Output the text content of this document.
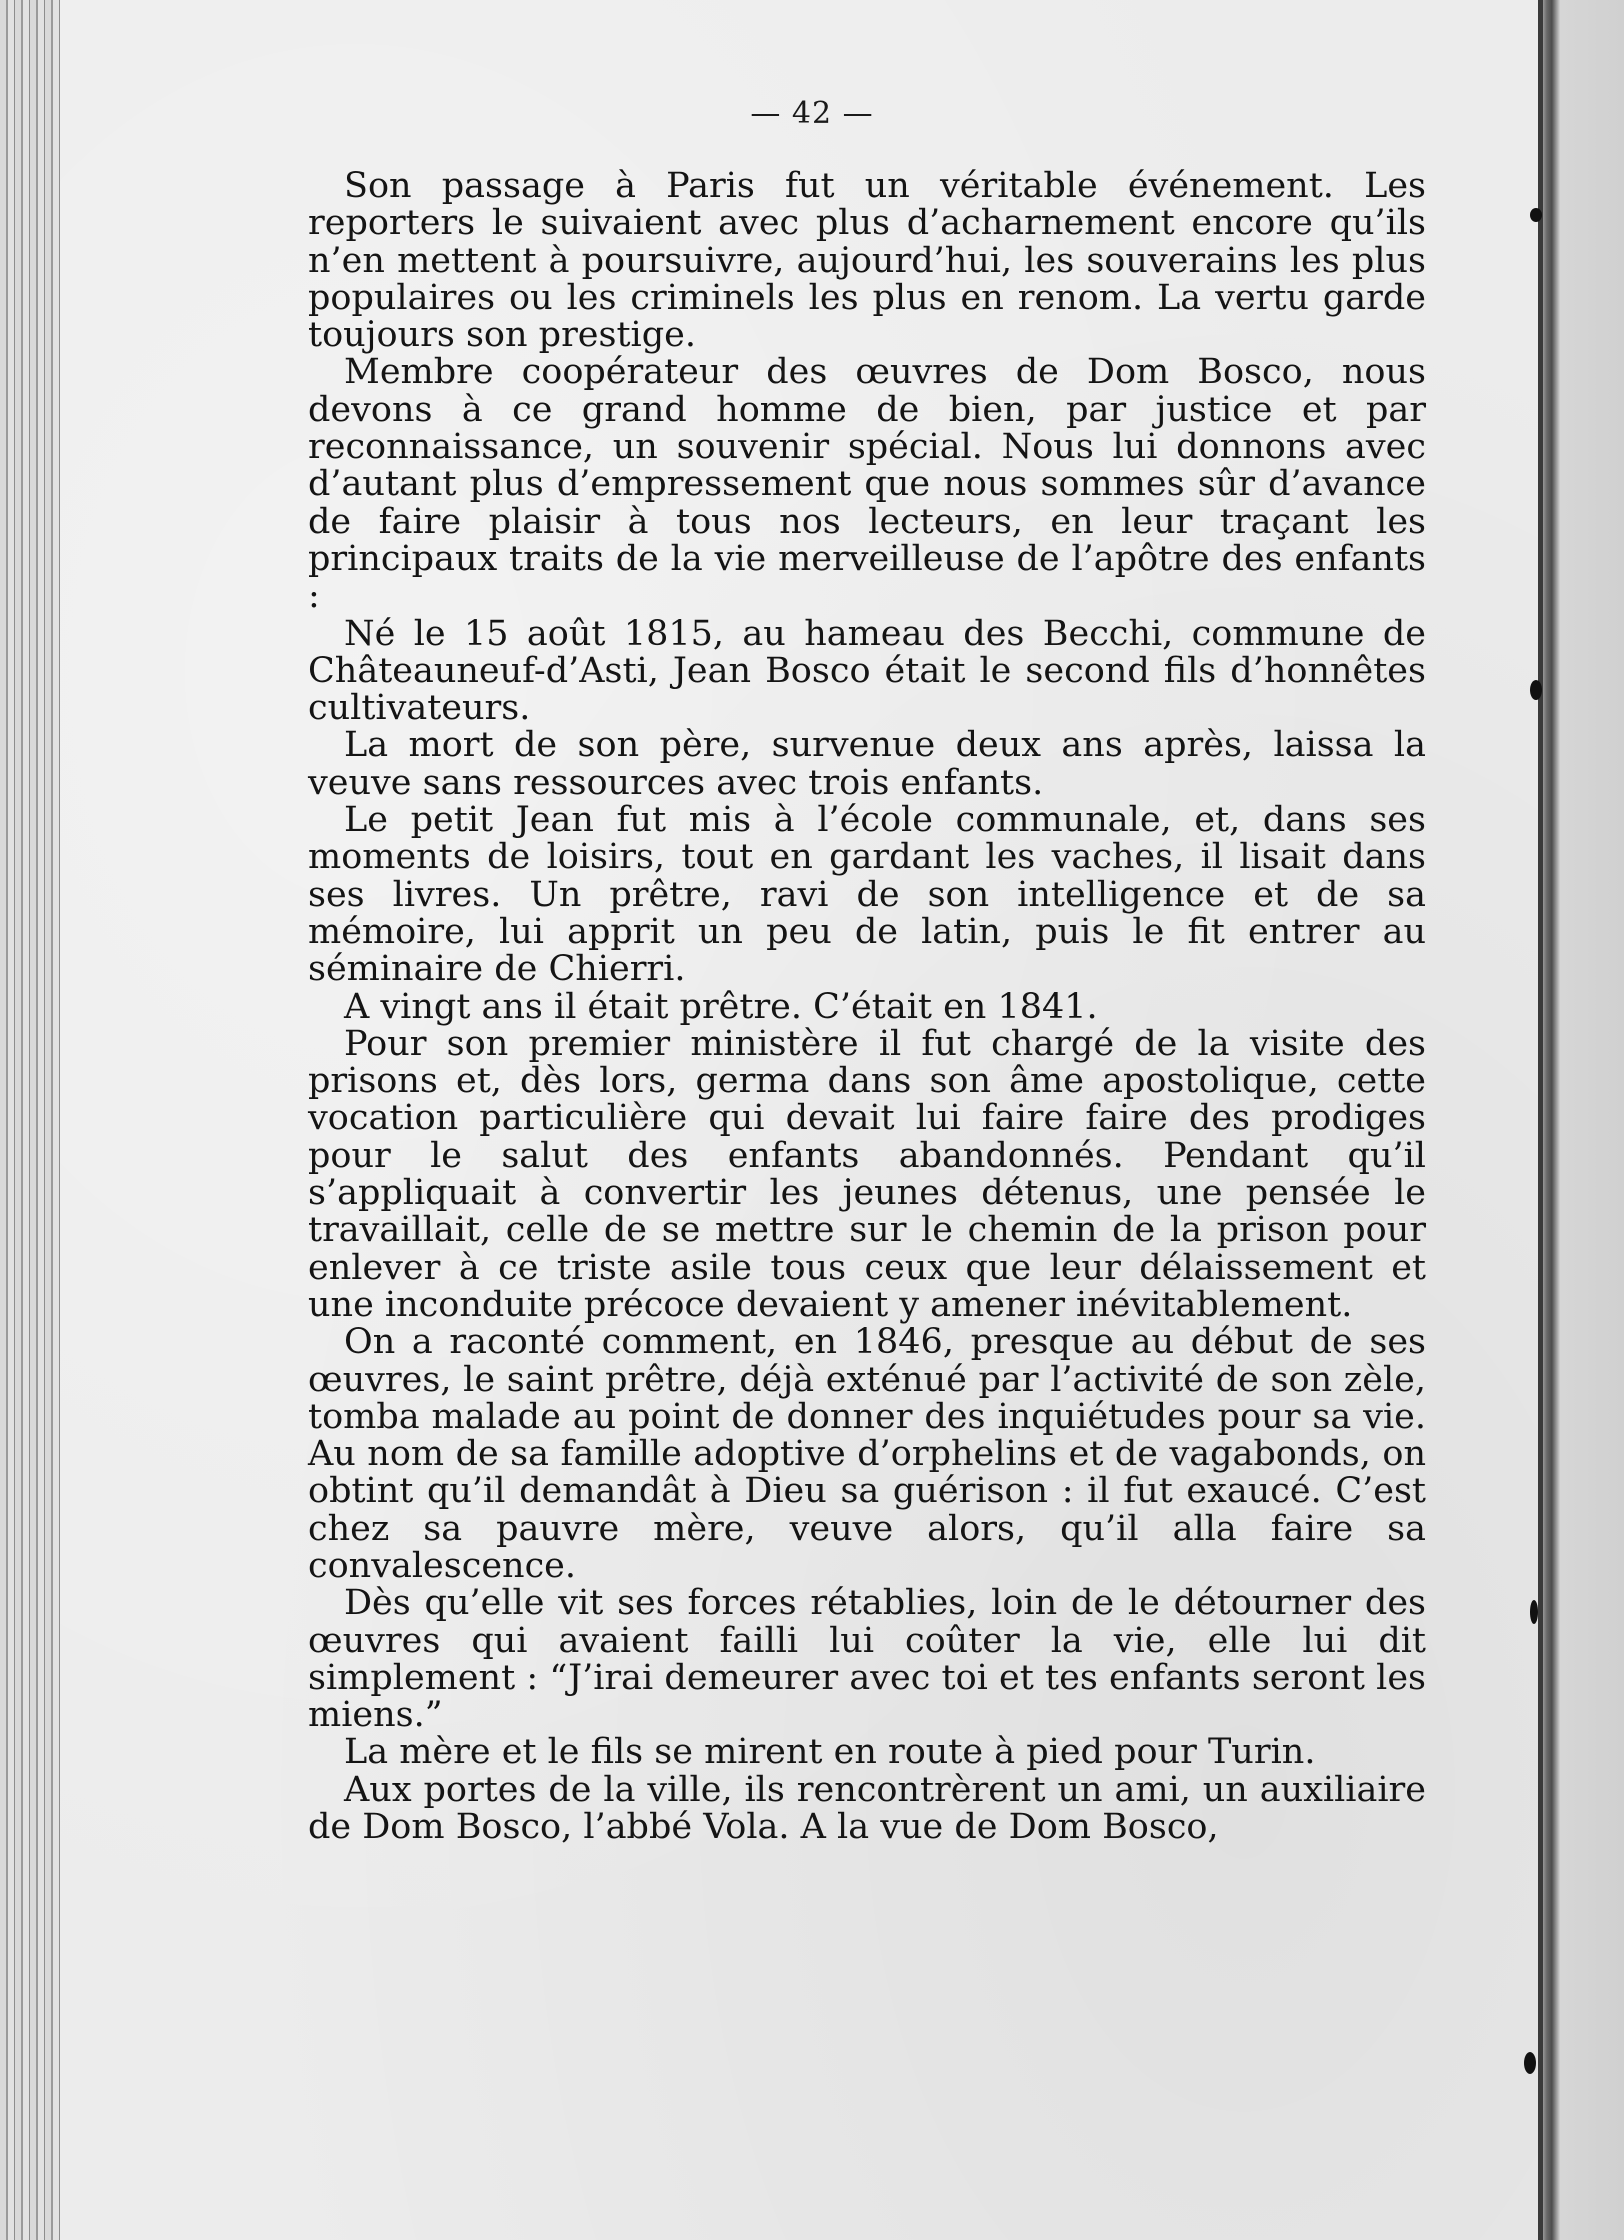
— 42 —

Son passage à Paris fut un véritable événement. Les reporters le suivaient avec plus d’acharnement encore qu’ils n’en mettent à poursuivre, aujourd’hui, les souverains les plus populaires ou les criminels les plus en renom. La vertu garde toujours son prestige.

Membre coopérateur des œuvres de Dom Bosco, nous devons à ce grand homme de bien, par justice et par reconnaissance, un souvenir spécial. Nous lui donnons avec d’autant plus d’empressement que nous sommes sûr d’avance de faire plaisir à tous nos lecteurs, en leur traçant les principaux traits de la vie merveilleuse de l’apôtre des enfants :

Né le 15 août 1815, au hameau des Becchi, commune de Châteauneuf-d’Asti, Jean Bosco était le second fils d’honnêtes cultivateurs.

La mort de son père, survenue deux ans après, laissa la veuve sans ressources avec trois enfants.

Le petit Jean fut mis à l’école communale, et, dans ses moments de loisirs, tout en gardant les vaches, il lisait dans ses livres. Un prêtre, ravi de son intelligence et de sa mémoire, lui apprit un peu de latin, puis le fit entrer au séminaire de Chierri.

A vingt ans il était prêtre. C’était en 1841.

Pour son premier ministère il fut chargé de la visite des prisons et, dès lors, germa dans son âme apostolique, cette vocation particulière qui devait lui faire faire des prodiges pour le salut des enfants abandonnés. Pendant qu’il s’appliquait à convertir les jeunes détenus, une pensée le travaillait, celle de se mettre sur le chemin de la prison pour enlever à ce triste asile tous ceux que leur délaissement et une inconduite précoce devaient y amener inévitablement.

On a raconté comment, en 1846, presque au début de ses œuvres, le saint prêtre, déjà exténué par l’activité de son zèle, tomba malade au point de donner des inquiétudes pour sa vie. Au nom de sa famille adoptive d’orphelins et de vagabonds, on obtint qu’il demandât à Dieu sa guérison : il fut exaucé. C’est chez sa pauvre mère, veuve alors, qu’il alla faire sa convalescence.

Dès qu’elle vit ses forces rétablies, loin de le détourner des œuvres qui avaient failli lui coûter la vie, elle lui dit simplement : “J’irai demeurer avec toi et tes enfants seront les miens.”

La mère et le fils se mirent en route à pied pour Turin.

Aux portes de la ville, ils rencontrèrent un ami, un auxiliaire de Dom Bosco, l’abbé Vola. A la vue de Dom Bosco,
